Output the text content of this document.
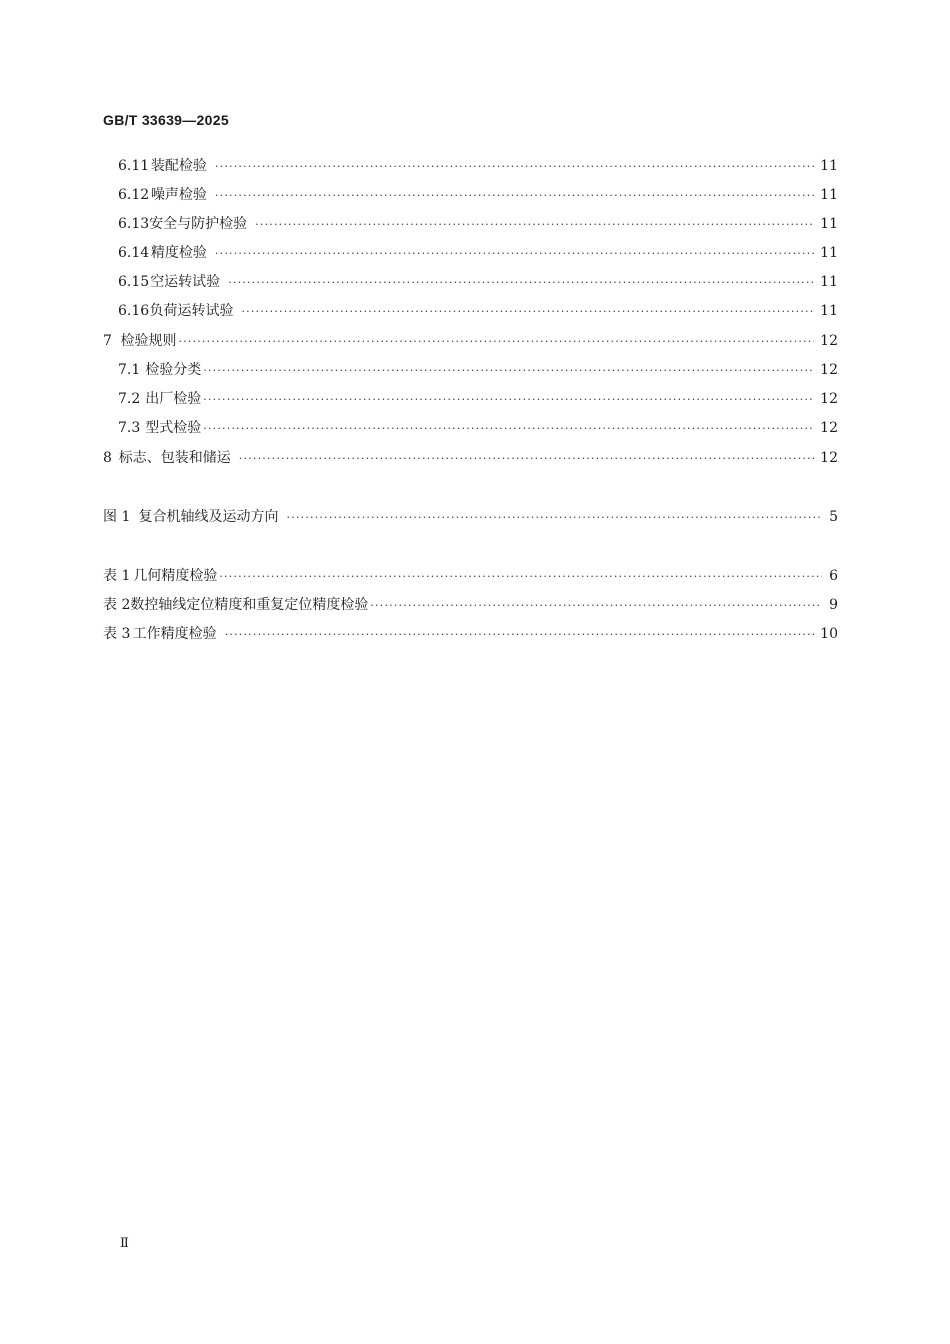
GB/T 33639—2025
6.11 装配检验 ·····	11
6.12 噪声检验 ·····	11
6.13 安全与防护检验 ·····	11
6.14 精度检验 ·····	11
6.15 空运转试验 ·····	11
6.16 负荷运转试验 ·····	11
7 检验规则 ·····	12
7.1 检验分类 ·····	12
7.2 出厂检验 ·····	12
7.3 型式检验 ·····	12
8 标志、包装和储运 ·····	12
图 1 复合机轴线及运动方向 ·····	5
表 1 几何精度检验 ·····	6
表 2 数控轴线定位精度和重复定位精度检验 ·····	9
表 3 工作精度检验 ·····	10
Ⅱ
